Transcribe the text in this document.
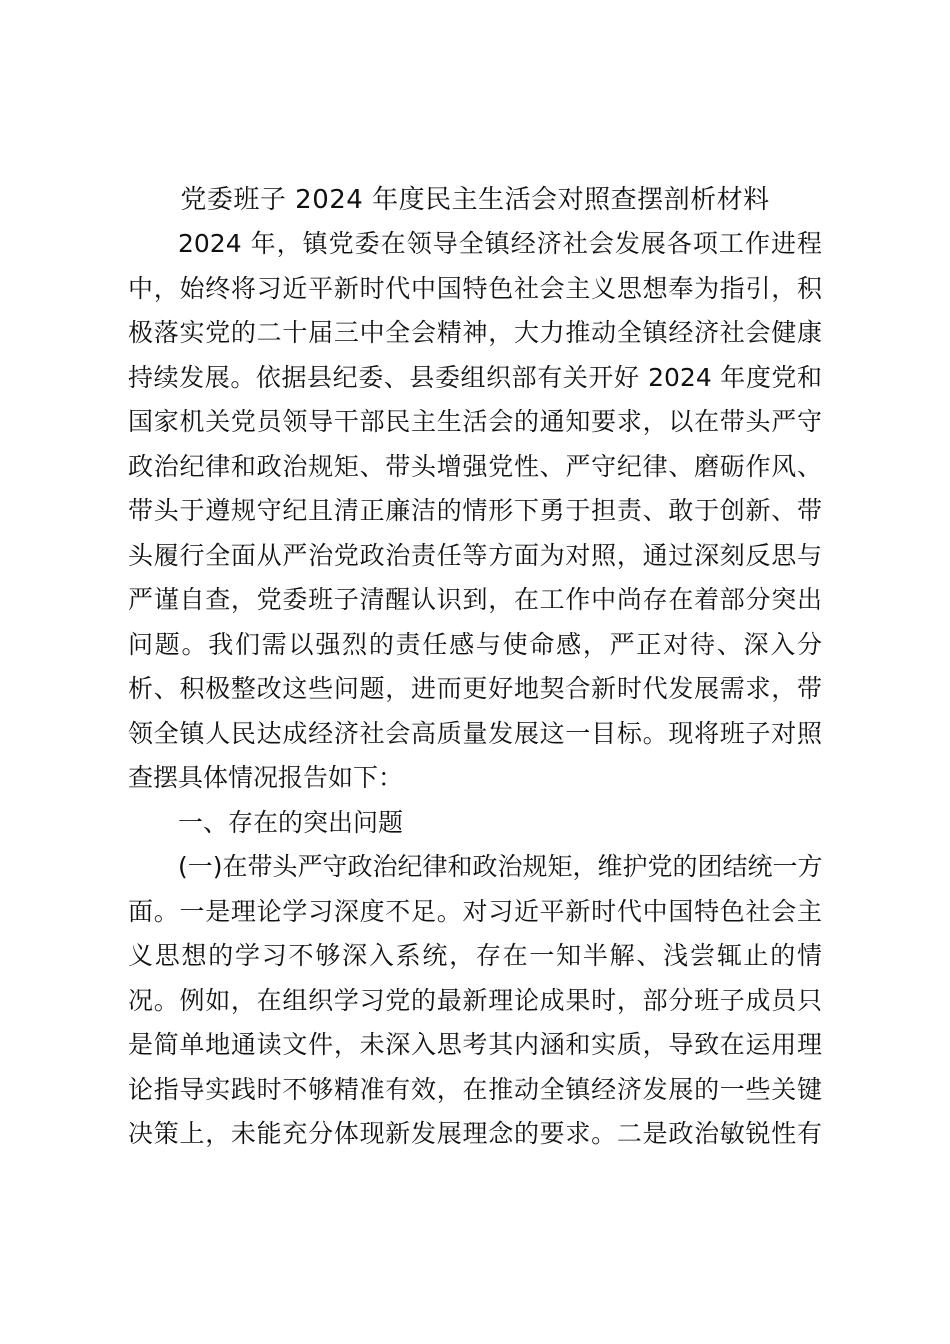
党委班子 2024 年度民主生活会对照查摆剖析材料
2024 年，镇党委在领导全镇经济社会发展各项工作进程
中，始终将习近平新时代中国特色社会主义思想奉为指引，积
极落实党的二十届三中全会精神，大力推动全镇经济社会健康
持续发展。依据县纪委、县委组织部有关开好 2024 年度党和
国家机关党员领导干部民主生活会的通知要求，以在带头严守
政治纪律和政治规矩、带头增强党性、严守纪律、磨砺作风、
带头于遵规守纪且清正廉洁的情形下勇于担责、敢于创新、带
头履行全面从严治党政治责任等方面为对照，通过深刻反思与
严谨自查，党委班子清醒认识到，在工作中尚存在着部分突出
问题。我们需以强烈的责任感与使命感，严正对待、深入分
析、积极整改这些问题，进而更好地契合新时代发展需求，带
领全镇人民达成经济社会高质量发展这一目标。现将班子对照
查摆具体情况报告如下：
一、存在的突出问题
(一)在带头严守政治纪律和政治规矩，维护党的团结统一方
面。一是理论学习深度不足。对习近平新时代中国特色社会主
义思想的学习不够深入系统，存在一知半解、浅尝辄止的情
况。例如，在组织学习党的最新理论成果时，部分班子成员只
是简单地通读文件，未深入思考其内涵和实质，导致在运用理
论指导实践时不够精准有效，在推动全镇经济发展的一些关键
决策上，未能充分体现新发展理念的要求。二是政治敏锐性有
